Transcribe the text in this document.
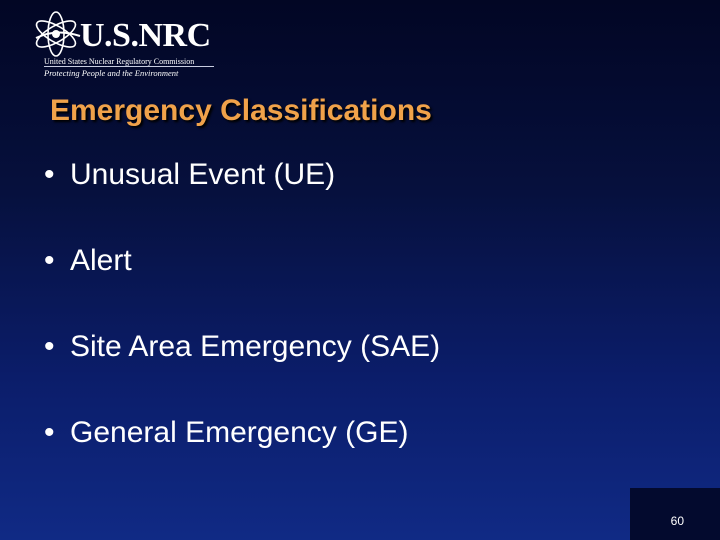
U.S.NRC
United States Nuclear Regulatory Commission
Protecting People and the Environment
Emergency Classifications
• Unusual Event (UE)
• Alert
• Site Area Emergency (SAE)
• General Emergency (GE)
60
